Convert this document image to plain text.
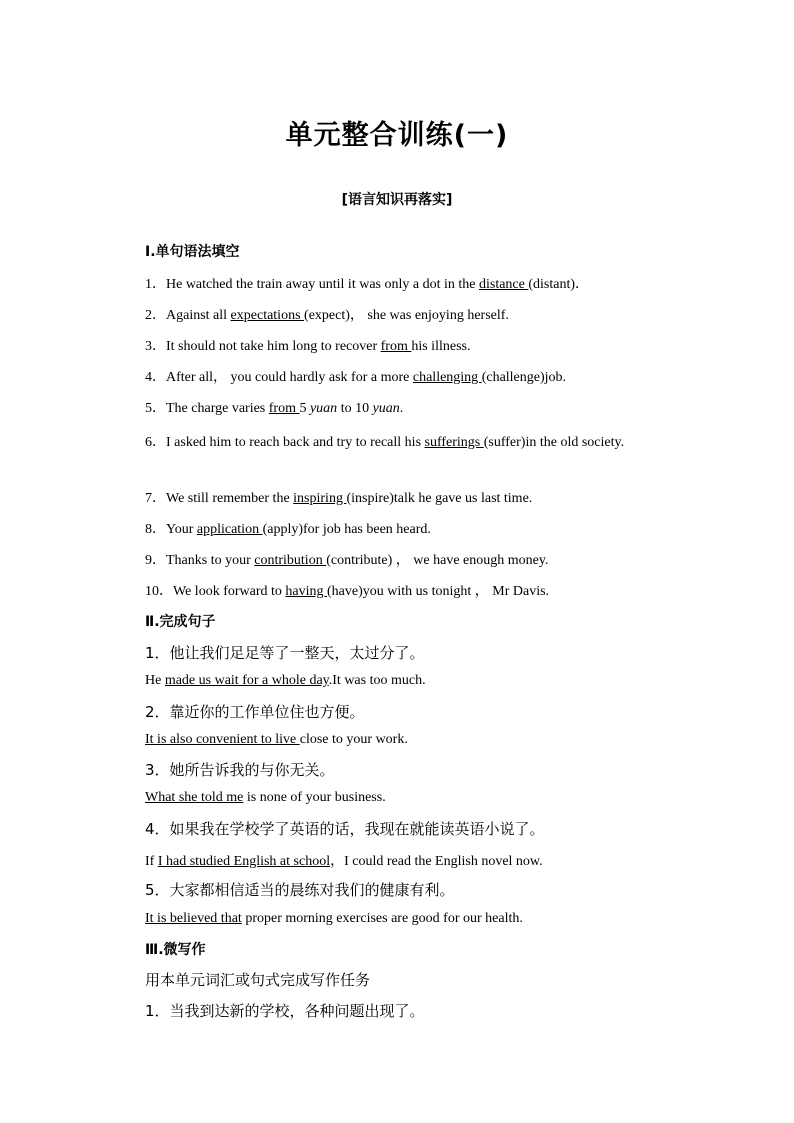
单元整合训练(一)
[语言知识再落实]
Ⅰ.单句语法填空
1．He watched the train away until it was only a dot in the distance (distant)．
2．Against all expectations (expect)， she was enjoying herself.
3．It should not take him long to recover from his illness.
4．After all， you could hardly ask for a more challenging (challenge)job.
5．The charge varies from 5 yuan to 10 yuan.
6．I asked him to reach back and try to recall his sufferings (suffer)in the old society.
7．We still remember the inspiring (inspire)talk he gave us last time.
8．Your application (apply)for job has been heard.
9．Thanks to your contribution (contribute) ， we have enough money.
10．We look forward to having (have)you with us tonight ， Mr Davis.
Ⅱ.完成句子
1．他让我们足足等了一整天，太过分了。
He made us wait for a whole day.It was too much.
2．靠近你的工作单位住也方便。
It is also convenient to live close to your work.
3．她所告诉我的与你无关。
What she told me is none of your business.
4．如果我在学校学了英语的话，我现在就能读英语小说了。
If I had studied English at school，I could read the English novel now.
5．大家都相信适当的晨练对我们的健康有利。
It is believed that proper morning exercises are good for our health.
Ⅲ.微写作
用本单元词汇或句式完成写作任务
1．当我到达新的学校，各种问题出现了。
